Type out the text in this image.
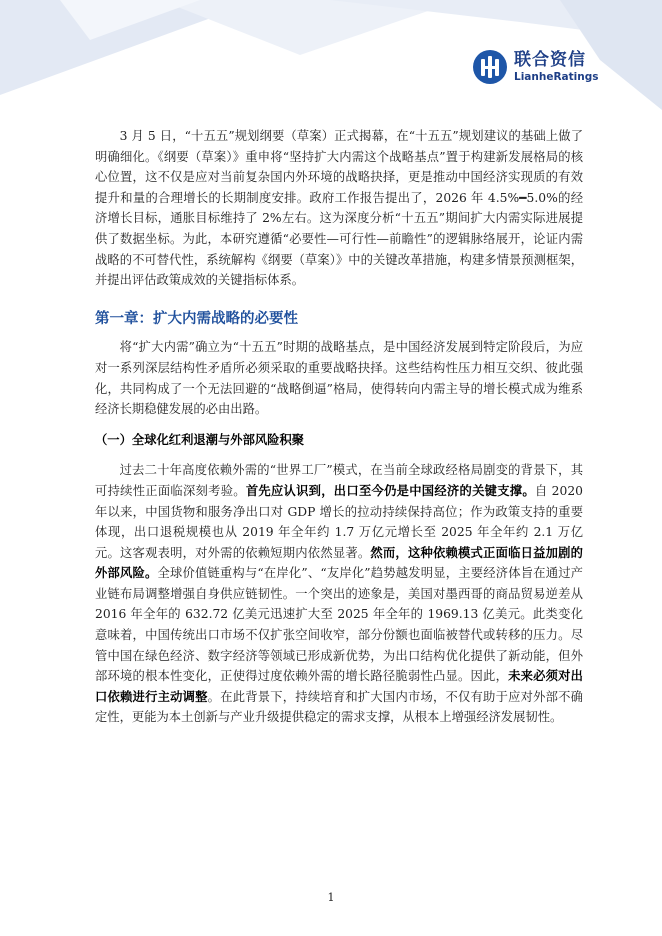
联合资信
LianheRatings

3 月 5 日，“十五五”规划纲要（草案）正式揭幕，在“十五五”规划建议的基础上做了明确细化。《纲要（草案）》重申将“坚持扩大内需这个战略基点”置于构建新发展格局的核心位置，这不仅是应对当前复杂国内外环境的战略抉择，更是推动中国经济实现质的有效提升和量的合理增长的长期制度安排。政府工作报告提出了，2026 年 4.5%━5.0%的经济增长目标，通胀目标维持了 2%左右。这为深度分析“十五五”期间扩大内需实际进展提供了数据坐标。为此，本研究遵循“必要性—可行性—前瞻性”的逻辑脉络展开，论证内需战略的不可替代性，系统解构《纲要（草案）》中的关键改革措施，构建多情景预测框架，并提出评估政策成效的关键指标体系。

第一章：扩大内需战略的必要性

将“扩大内需”确立为“十五五”时期的战略基点，是中国经济发展到特定阶段后，为应对一系列深层结构性矛盾所必须采取的重要战略抉择。这些结构性压力相互交织、彼此强化，共同构成了一个无法回避的“战略倒逼”格局，使得转向内需主导的增长模式成为维系经济长期稳健发展的必由出路。

（一）全球化红利退潮与外部风险积聚

过去二十年高度依赖外需的“世界工厂”模式，在当前全球政经格局剧变的背景下，其可持续性正面临深刻考验。首先应认识到，出口至今仍是中国经济的关键支撑。自 2020 年以来，中国货物和服务净出口对 GDP 增长的拉动持续保持高位；作为政策支持的重要体现，出口退税规模也从 2019 年全年约 1.7 万亿元增长至 2025 年全年约 2.1 万亿元。这客观表明，对外需的依赖短期内依然显著。然而，这种依赖模式正面临日益加剧的外部风险。全球价值链重构与“在岸化”、“友岸化”趋势越发明显，主要经济体旨在通过产业链布局调整增强自身供应链韧性。一个突出的迹象是，美国对墨西哥的商品贸易逆差从 2016 年全年的 632.72 亿美元迅速扩大至 2025 年全年的 1969.13 亿美元。此类变化意味着，中国传统出口市场不仅扩张空间收窄，部分份额也面临被替代或转移的压力。尽管中国在绿色经济、数字经济等领域已形成新优势，为出口结构优化提供了新动能，但外部环境的根本性变化，正使得过度依赖外需的增长路径脆弱性凸显。因此，未来必须对出口依赖进行主动调整。在此背景下，持续培育和扩大国内市场，不仅有助于应对外部不确定性，更能为本土创新与产业升级提供稳定的需求支撑，从根本上增强经济发展韧性。

1
